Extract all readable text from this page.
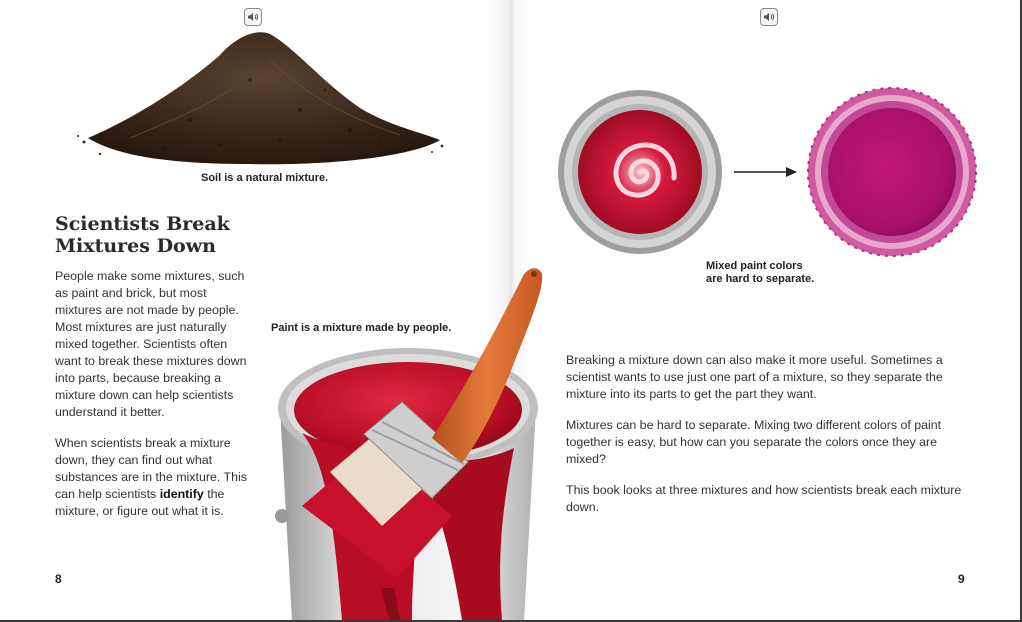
Soil is a natural mixture.
Scientists Break Mixtures Down

People make some mixtures, such as paint and brick, but most mixtures are not made by people. Most mixtures are just naturally mixed together. Scientists often want to break these mixtures down into parts, because breaking a mixture down can help scientists understand it better.

When scientists break a mixture down, they can find out what substances are in the mixture. This can help scientists identify the mixture, or figure out what it is.

Paint is a mixture made by people.
Mixed paint colors
are hard to separate.

Breaking a mixture down can also make it more useful. Sometimes a scientist wants to use just one part of a mixture, so they separate the mixture into its parts to get the part they want.

Mixtures can be hard to separate. Mixing two different colors of paint together is easy, but how can you separate the colors once they are mixed?

This book looks at three mixtures and how scientists break each mixture down.

8	9
